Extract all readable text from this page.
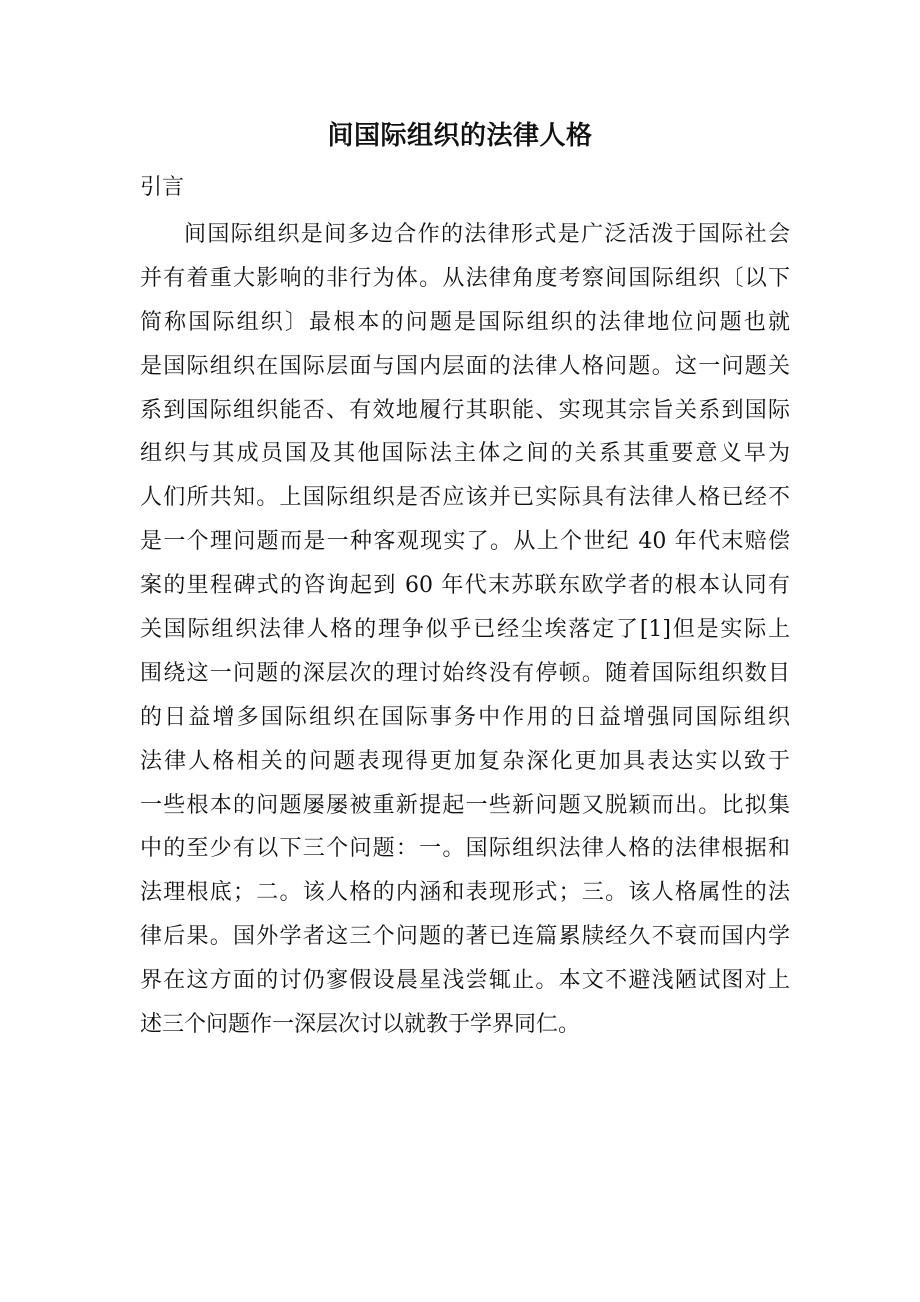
间国际组织的法律人格
引言
间国际组织是间多边合作的法律形式是广泛活泼于国际社会
并有着重大影响的非行为体。从法律角度考察间国际组织〔以下
简称国际组织〕最根本的问题是国际组织的法律地位问题也就
是国际组织在国际层面与国内层面的法律人格问题。这一问题关
系到国际组织能否、有效地履行其职能、实现其宗旨关系到国际
组织与其成员国及其他国际法主体之间的关系其重要意义早为
人们所共知。上国际组织是否应该并已实际具有法律人格已经不
是一个理问题而是一种客观现实了。从上个世纪 40 年代末赔偿
案的里程碑式的咨询起到 60 年代末苏联东欧学者的根本认同有
关国际组织法律人格的理争似乎已经尘埃落定了[1]但是实际上
围绕这一问题的深层次的理讨始终没有停顿。随着国际组织数目
的日益增多国际组织在国际事务中作用的日益增强同国际组织
法律人格相关的问题表现得更加复杂深化更加具表达实以致于
一些根本的问题屡屡被重新提起一些新问题又脱颖而出。比拟集
中的至少有以下三个问题：一。国际组织法律人格的法律根据和
法理根底；二。该人格的内涵和表现形式；三。该人格属性的法
律后果。国外学者这三个问题的著已连篇累牍经久不衰而国内学
界在这方面的讨仍寥假设晨星浅尝辄止。本文不避浅陋试图对上
述三个问题作一深层次讨以就教于学界同仁。
